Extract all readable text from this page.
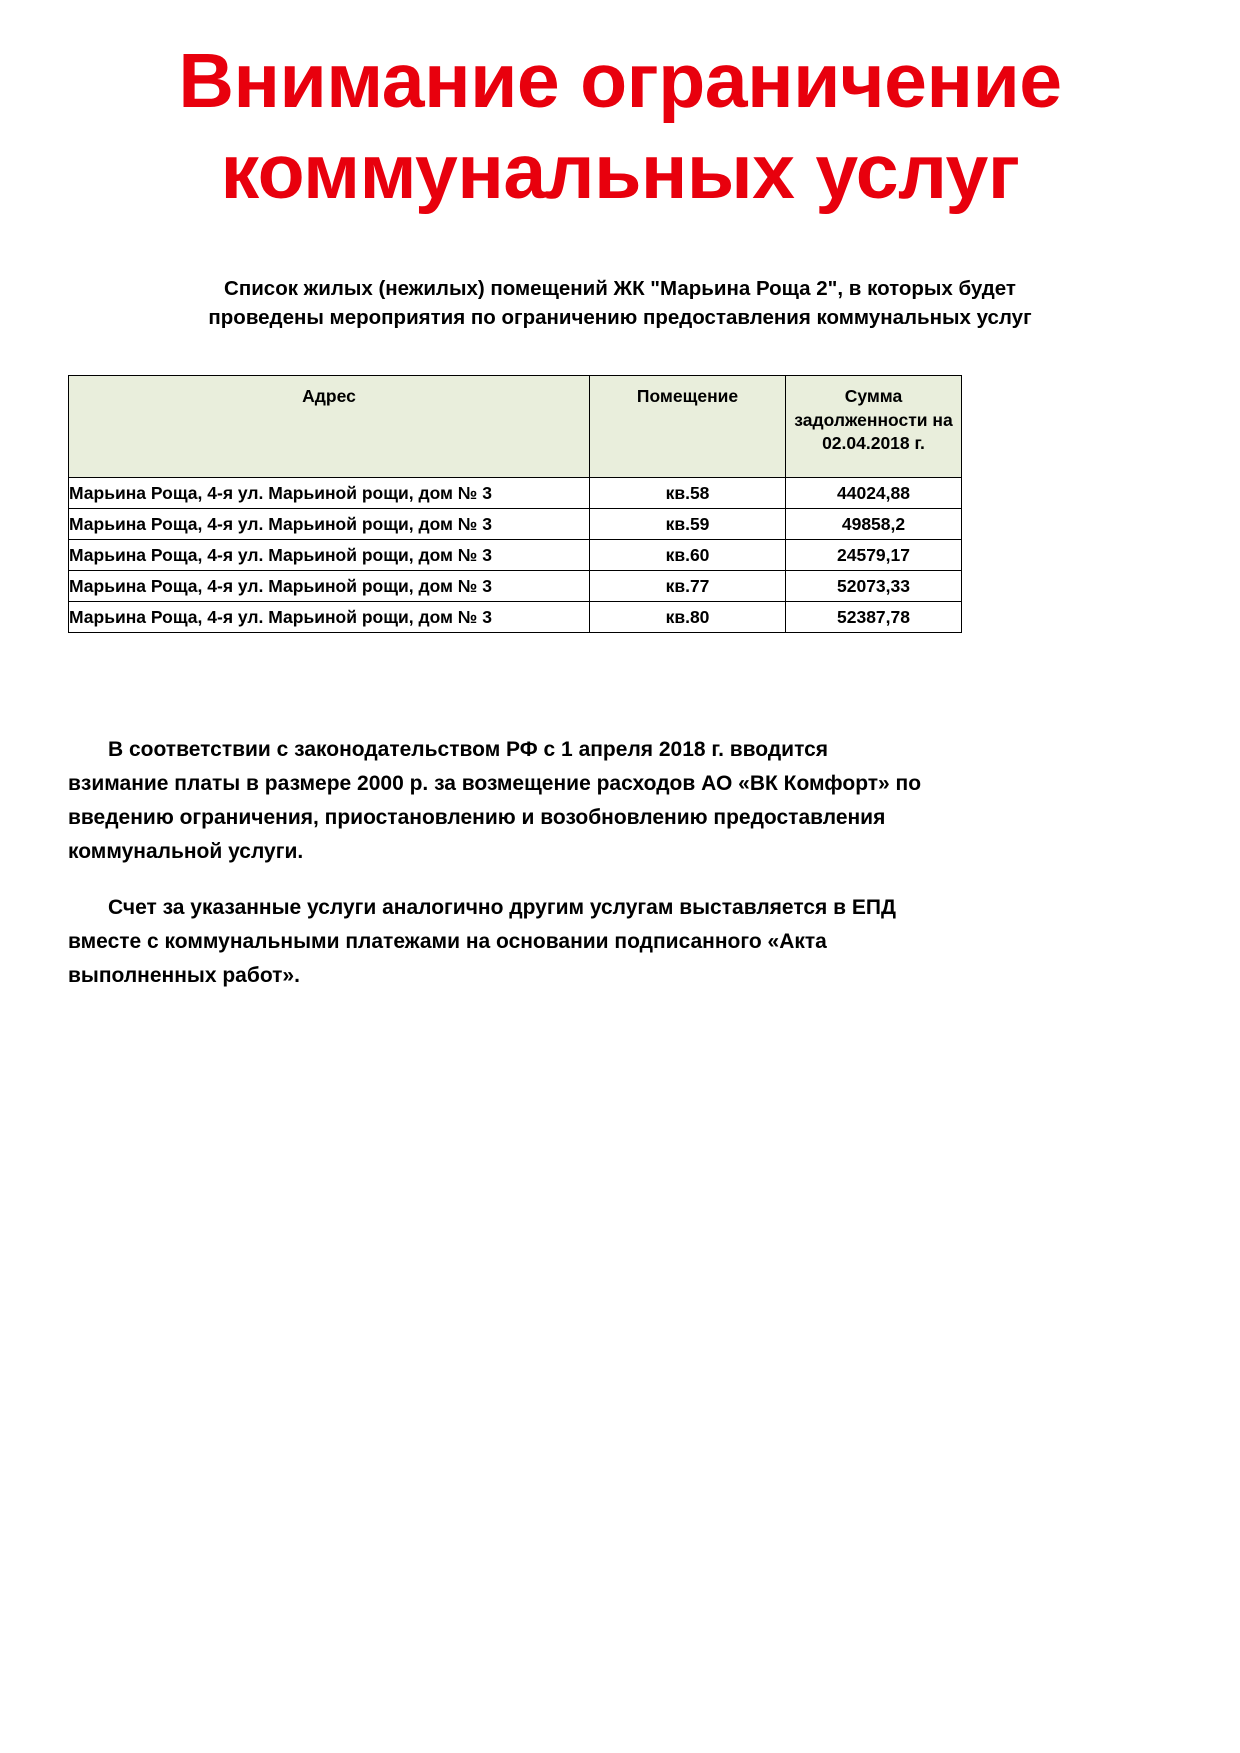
Внимание ограничение
коммунальных услуг
Список жилых (нежилых) помещений ЖК "Марьина Роща 2", в которых будет проведены мероприятия по ограничению предоставления коммунальных услуг
Адрес	Помещение	Сумма задолженности на 02.04.2018 г.
Марьина Роща, 4-я ул. Марьиной рощи, дом № 3	кв.58	44024,88
Марьина Роща, 4-я ул. Марьиной рощи, дом № 3	кв.59	49858,2
Марьина Роща, 4-я ул. Марьиной рощи, дом № 3	кв.60	24579,17
Марьина Роща, 4-я ул. Марьиной рощи, дом № 3	кв.77	52073,33
Марьина Роща, 4-я ул. Марьиной рощи, дом № 3	кв.80	52387,78

В соответствии с законодательством РФ с 1 апреля 2018 г. вводится взимание платы в размере 2000 р. за возмещение расходов АО «ВК Комфорт» по введению ограничения, приостановлению и возобновлению предоставления коммунальной услуги.

Счет за указанные услуги аналогично другим услугам выставляется в ЕПД вместе с коммунальными платежами на основании подписанного «Акта выполненных работ».
